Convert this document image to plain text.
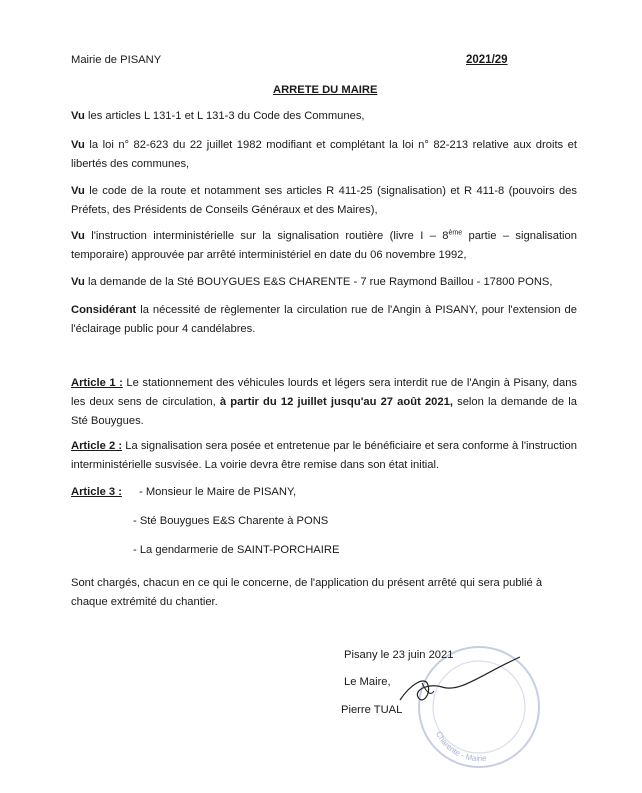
Mairie de PISANY	2021/29
ARRETE DU MAIRE
Vu les articles L 131-1 et L 131-3 du Code des Communes,
Vu la loi n° 82-623 du 22 juillet 1982 modifiant et complétant la loi n° 82-213 relative aux droits et libertés des communes,
Vu le code de la route et notamment ses articles R 411-25 (signalisation) et R 411-8 (pouvoirs des Préfets, des Présidents de Conseils Généraux et des Maires),
Vu l'instruction interministérielle sur la signalisation routière (livre I – 8ème partie – signalisation temporaire) approuvée par arrêté interministériel en date du 06 novembre 1992,
Vu la demande de la Sté BOUYGUES E&S CHARENTE - 7 rue Raymond Baillou - 17800 PONS,
Considérant la nécessité de règlementer la circulation rue de l'Angin à PISANY, pour l'extension de l'éclairage public pour 4 candélabres.
Article 1 : Le stationnement des véhicules lourds et légers sera interdit rue de l'Angin à Pisany, dans les deux sens de circulation, à partir du 12 juillet jusqu'au 27 août 2021, selon la demande de la Sté Bouygues.
Article 2 : La signalisation sera posée et entretenue par le bénéficiaire et sera conforme à l'instruction interministérielle susvisée. La voirie devra être remise dans son état initial.
Article 3 : - Monsieur le Maire de PISANY,
- Sté Bouygues E&S Charente à PONS
- La gendarmerie de SAINT-PORCHAIRE
Sont chargés, chacun en ce qui le concerne, de l'application du présent arrêté qui sera publié à chaque extrémité du chantier.
Charente - Mairie
Pisany le 23 juin 2021
Le Maire,
Pierre TUAL
